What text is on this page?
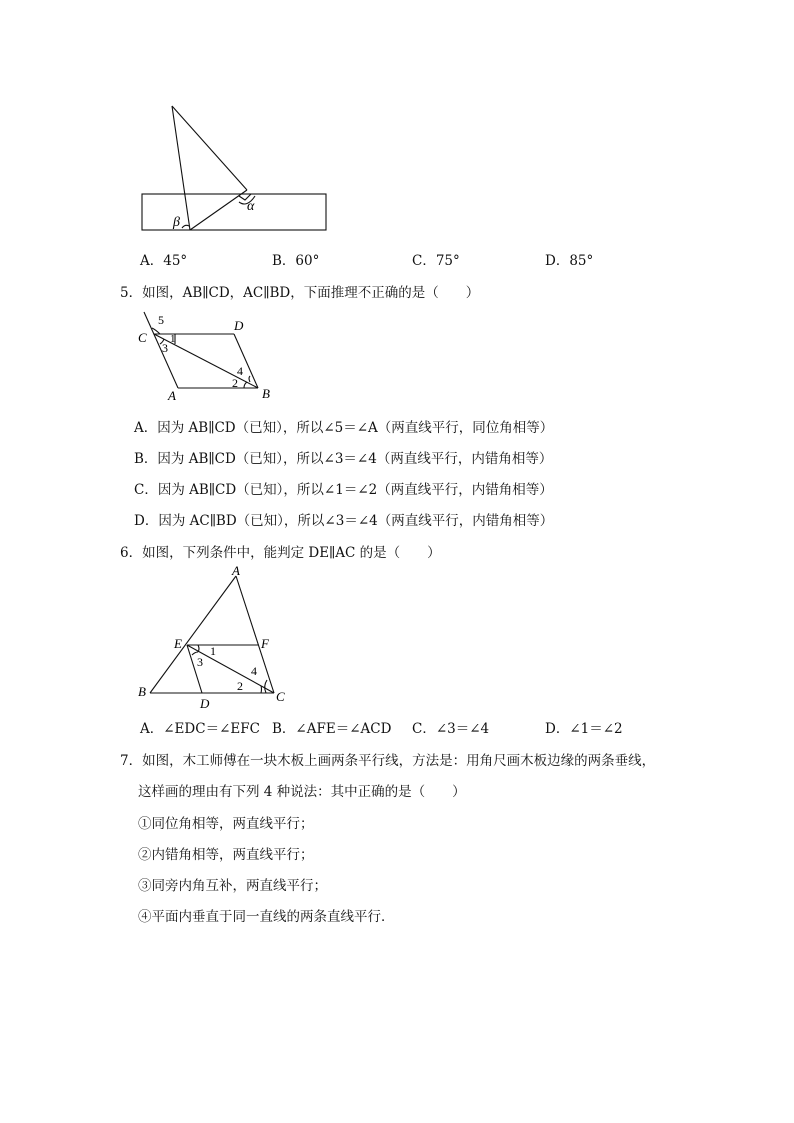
α
β
A．45°	B．60°	C．75°	D．85°
5．如图，AB∥CD，AC∥BD，下面推理不正确的是（　　）
C
D
A	B
5
1
3
4
2
A．因为 AB∥CD（已知），所以∠5＝∠A（两直线平行，同位角相等）
B．因为 AB∥CD（已知），所以∠3＝∠4（两直线平行，内错角相等）
C．因为 AB∥CD（已知），所以∠1＝∠2（两直线平行，内错角相等）
D．因为 AC∥BD（已知），所以∠3＝∠4（两直线平行，内错角相等）
6．如图，下列条件中，能判定 DE∥AC 的是（　　）
A
E	F
B
D	C
1
3
4
2
A．∠EDC＝∠EFC B．∠AFE＝∠ACD C．∠3＝∠4	D．∠1＝∠2
7．如图，木工师傅在一块木板上画两条平行线，方法是：用角尺画木板边缘的两条垂线，
这样画的理由有下列 4 种说法：其中正确的是（　　）
①同位角相等，两直线平行；
②内错角相等，两直线平行；
③同旁内角互补，两直线平行；
④平面内垂直于同一直线的两条直线平行．
